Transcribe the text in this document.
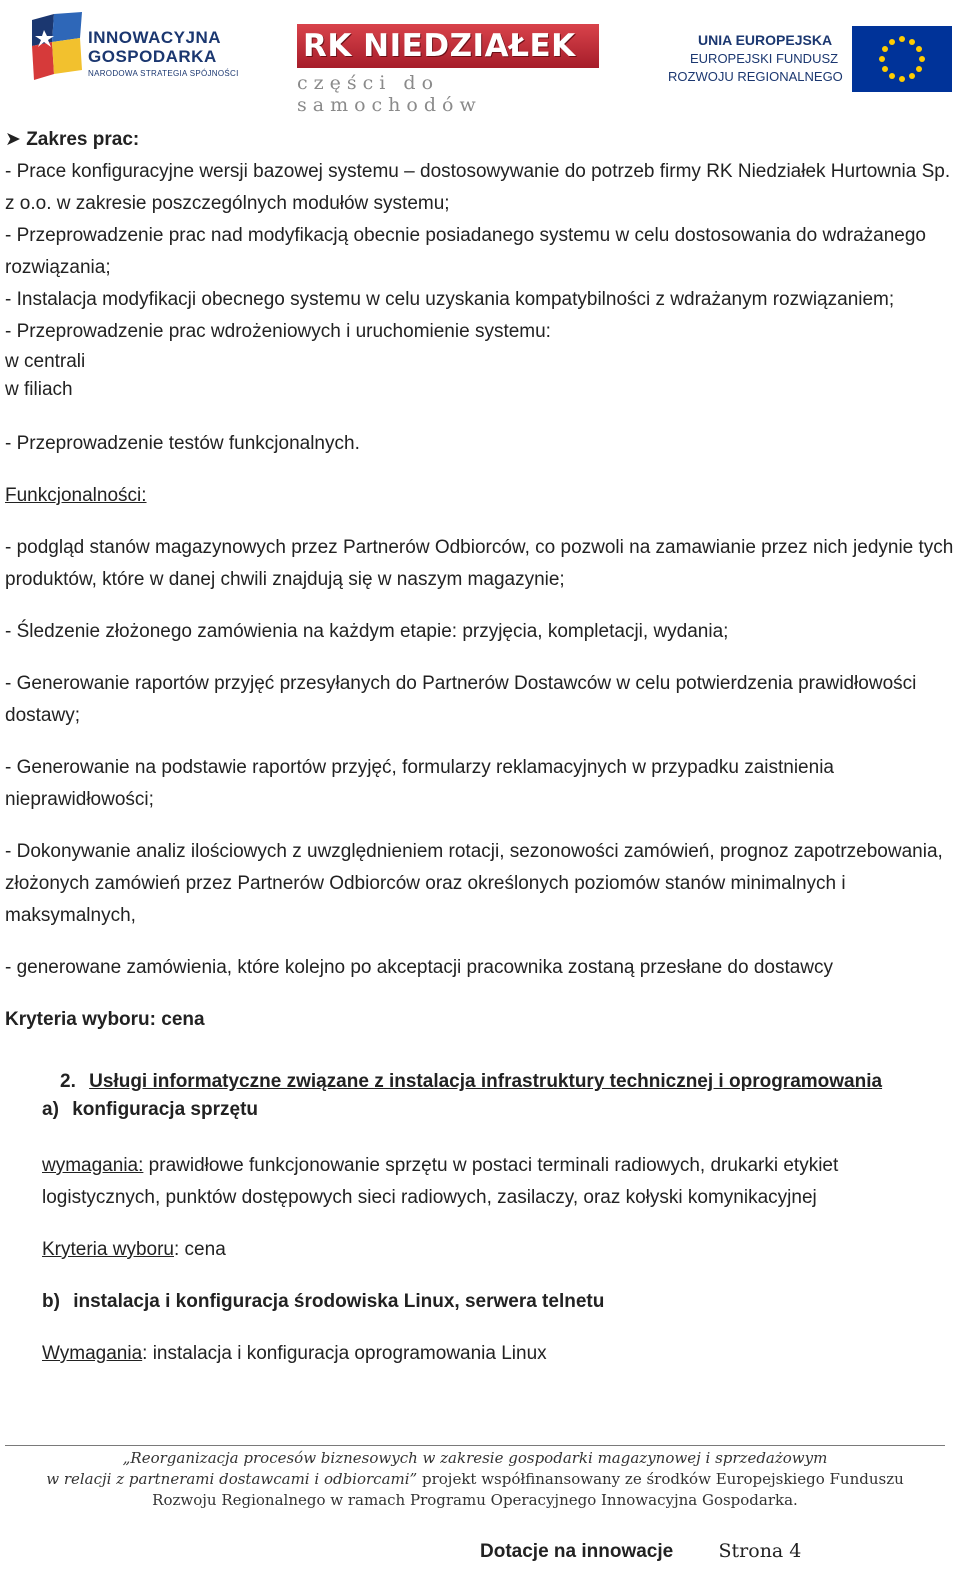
INNOWACYJNA
GOSPODARKA
NARODOWA STRATEGIA SPÓJNOŚCI
RK NIEDZIAŁEK
części do samochodów
UNIA EUROPEJSKA
EUROPEJSKI FUNDUSZ
ROZWOJU REGIONALNEGO

➤ Zakres prac:

- Prace konfiguracyjne wersji bazowej systemu – dostosowywanie do potrzeb firmy RK Niedziałek Hurtownia Sp. z o.o. w zakresie poszczególnych modułów systemu;

- Przeprowadzenie prac nad modyfikacją obecnie posiadanego systemu w celu dostosowania do wdrażanego rozwiązania;

- Instalacja modyfikacji obecnego systemu w celu uzyskania kompatybilności z wdrażanym rozwiązaniem;

- Przeprowadzenie prac wdrożeniowych i uruchomienie systemu:

w centrali

w filiach

- Przeprowadzenie testów funkcjonalnych.

Funkcjonalności:

- podgląd stanów magazynowych przez Partnerów Odbiorców, co pozwoli na zamawianie przez nich jedynie tych produktów, które w danej chwili znajdują się w naszym magazynie;

- Śledzenie złożonego zamówienia na każdym etapie: przyjęcia, kompletacji, wydania;

- Generowanie raportów przyjęć przesyłanych do Partnerów Dostawców w celu potwierdzenia prawidłowości dostawy;

- Generowanie na podstawie raportów przyjęć, formularzy reklamacyjnych w przypadku zaistnienia nieprawidłowości;

- Dokonywanie analiz ilościowych z uwzględnieniem rotacji, sezonowości zamówień, prognoz zapotrzebowania, złożonych zamówień przez Partnerów Odbiorców oraz określonych poziomów stanów minimalnych i maksymalnych,

- generowane zamówienia, które kolejno po akceptacji pracownika zostaną przesłane do dostawcy

Kryteria wyboru: cena

2. Usługi informatyczne związane z instalacja infrastruktury technicznej i oprogramowania

a) konfiguracja sprzętu

wymagania: prawidłowe funkcjonowanie sprzętu w postaci terminali radiowych, drukarki etykiet logistycznych, punktów dostępowych sieci radiowych, zasilaczy, oraz kołyski komynikacyjnej

Kryteria wyboru: cena

b) instalacja i konfiguracja środowiska Linux, serwera telnetu

Wymagania: instalacja i konfiguracja oprogramowania Linux

„Reorganizacja procesów biznesowych w zakresie gospodarki magazynowej i sprzedażowym
w relacji z partnerami dostawcami i odbiorcami” projekt współfinansowany ze środków Europejskiego Funduszu
Rozwoju Regionalnego w ramach Programu Operacyjnego Innowacyjna Gospodarka.
Dotacje na innowacje Strona 4
